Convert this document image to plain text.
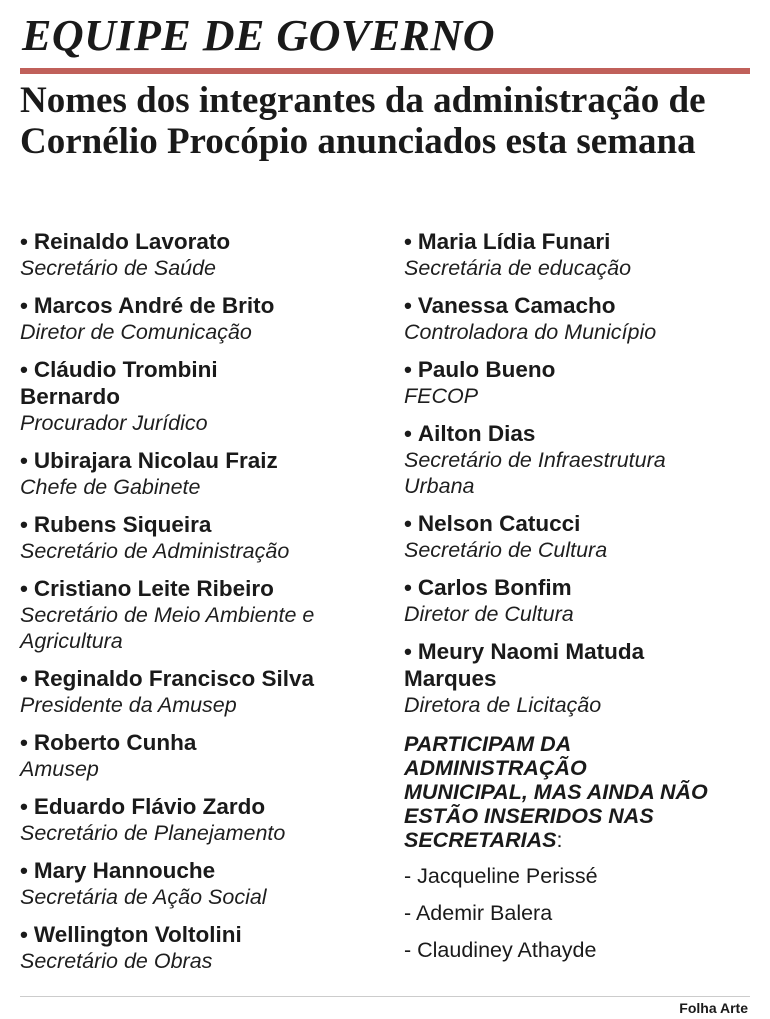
EQUIPE DE GOVERNO
Nomes dos integrantes da administração de Cornélio Procópio anunciados esta semana
• Reinaldo Lavorato
Secretário de Saúde
• Marcos André de Brito
Diretor de Comunicação
• Cláudio Trombini Bernardo
Procurador Jurídico
• Ubirajara Nicolau Fraiz
Chefe de Gabinete
• Rubens Siqueira
Secretário de Administração
• Cristiano Leite Ribeiro
Secretário de Meio Ambiente e Agricultura
• Reginaldo Francisco Silva
Presidente da Amusep
• Roberto Cunha
Amusep
• Eduardo Flávio Zardo
Secretário de Planejamento
• Mary Hannouche
Secretária de Ação Social
• Wellington Voltolini
Secretário de Obras
• Maria Lídia Funari
Secretária de educação
• Vanessa Camacho
Controladora do Município
• Paulo Bueno
FECOP
• Ailton Dias
Secretário de Infraestrutura Urbana
• Nelson Catucci
Secretário de Cultura
• Carlos Bonfim
Diretor de Cultura
• Meury Naomi Matuda Marques
Diretora de Licitação
PARTICIPAM DA ADMINISTRAÇÃO MUNICIPAL, MAS AINDA NÃO ESTÃO INSERIDOS NAS SECRETARIAS:
- Jacqueline Perissé
- Ademir Balera
- Claudiney Athayde
Folha Arte
